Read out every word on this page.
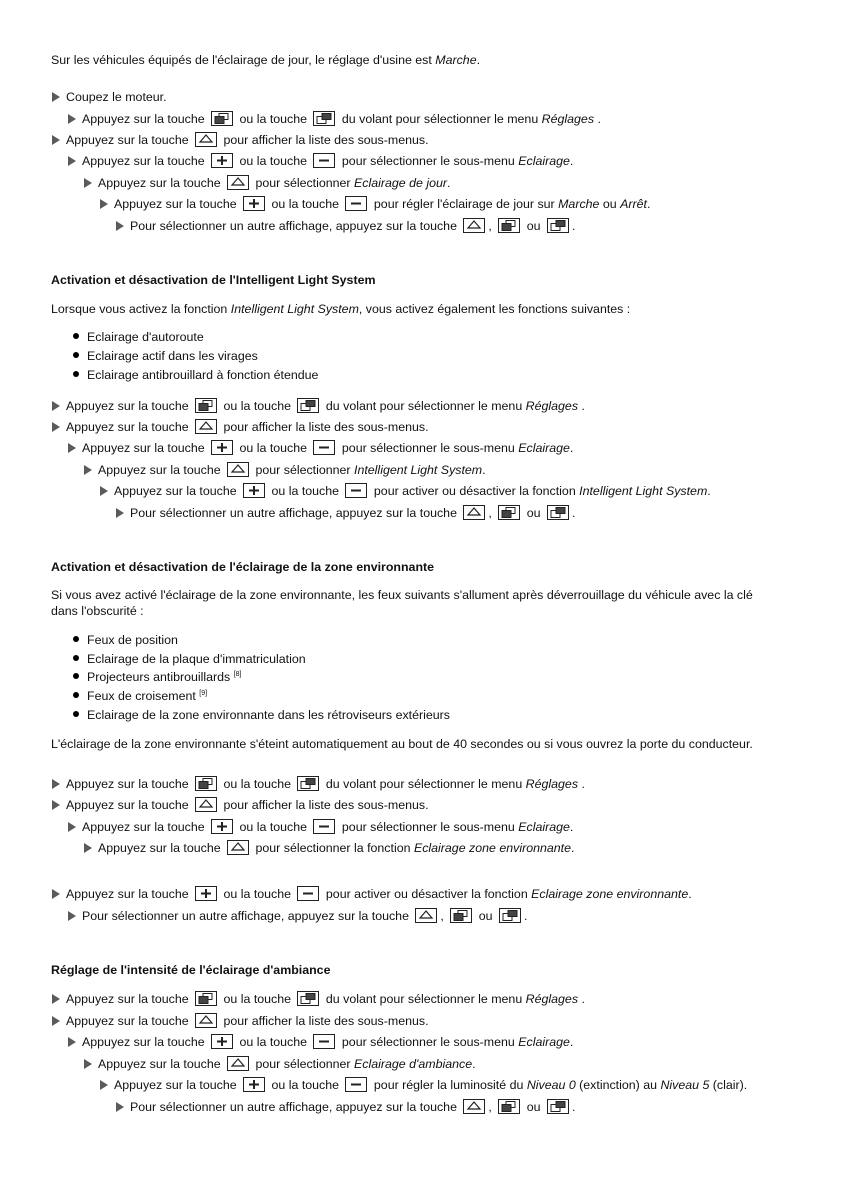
Sur les véhicules équipés de l'éclairage de jour, le réglage d'usine est Marche.
Coupez le moteur.
Appuyez sur la touche
ou la touche
du volant pour sélectionner le menu Réglages .
Appuyez sur la touche
pour afficher la liste des sous-menus.
Appuyez sur la touche
ou la touche
pour sélectionner le sous-menu Eclairage.
Appuyez sur la touche
pour sélectionner Eclairage de jour.
Appuyez sur la touche
ou la touche
pour régler l'éclairage de jour sur Marche ou Arrêt.
Pour sélectionner un autre affichage, appuyez sur la touche
,
ou
.
Activation et désactivation de l'Intelligent Light System
Lorsque vous activez la fonction Intelligent Light System, vous activez également les fonctions suivantes :
Eclairage d'autoroute
Eclairage actif dans les virages
Eclairage antibrouillard à fonction étendue
Appuyez sur la touche
ou la touche
du volant pour sélectionner le menu Réglages .
Appuyez sur la touche
pour afficher la liste des sous-menus.
Appuyez sur la touche
ou la touche
pour sélectionner le sous-menu Eclairage.
Appuyez sur la touche
pour sélectionner Intelligent Light System.
Appuyez sur la touche
ou la touche
pour activer ou désactiver la fonction Intelligent Light System.
Pour sélectionner un autre affichage, appuyez sur la touche
,
ou
.
Activation et désactivation de l'éclairage de la zone environnante
Si vous avez activé l'éclairage de la zone environnante, les feux suivants s'allument après déverrouillage du véhicule avec la clé
dans l'obscurité :
Feux de position
Eclairage de la plaque d'immatriculation
Projecteurs antibrouillards [8]
Feux de croisement [9]
Eclairage de la zone environnante dans les rétroviseurs extérieurs
L'éclairage de la zone environnante s'éteint automatiquement au bout de 40 secondes ou si vous ouvrez la porte du conducteur.
Appuyez sur la touche
ou la touche
du volant pour sélectionner le menu Réglages .
Appuyez sur la touche
pour afficher la liste des sous-menus.
Appuyez sur la touche
ou la touche
pour sélectionner le sous-menu Eclairage.
Appuyez sur la touche
pour sélectionner la fonction Eclairage zone environnante.
Appuyez sur la touche
ou la touche
pour activer ou désactiver la fonction Eclairage zone environnante.
Pour sélectionner un autre affichage, appuyez sur la touche
,
ou
.
Réglage de l'intensité de l'éclairage d'ambiance
Appuyez sur la touche
ou la touche
du volant pour sélectionner le menu Réglages .
Appuyez sur la touche
pour afficher la liste des sous-menus.
Appuyez sur la touche
ou la touche
pour sélectionner le sous-menu Eclairage.
Appuyez sur la touche
pour sélectionner Eclairage d'ambiance.
Appuyez sur la touche
ou la touche
pour régler la luminosité du Niveau 0 (extinction) au Niveau 5 (clair).
Pour sélectionner un autre affichage, appuyez sur la touche
,
ou
.
